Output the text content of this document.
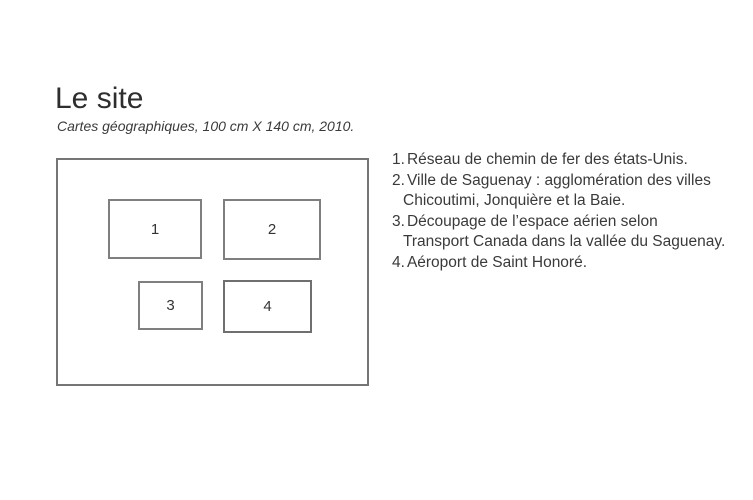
Le site
Cartes géographiques, 100 cm X 140 cm, 2010.
1	2
3	4
1. Réseau de chemin de fer des états-Unis.
2. Ville de Saguenay : agglomération des villes
Chicoutimi, Jonquière et la Baie.
3. Découpage de l’espace aérien selon
Transport Canada dans la vallée du Saguenay.
4. Aéroport de Saint Honoré.
